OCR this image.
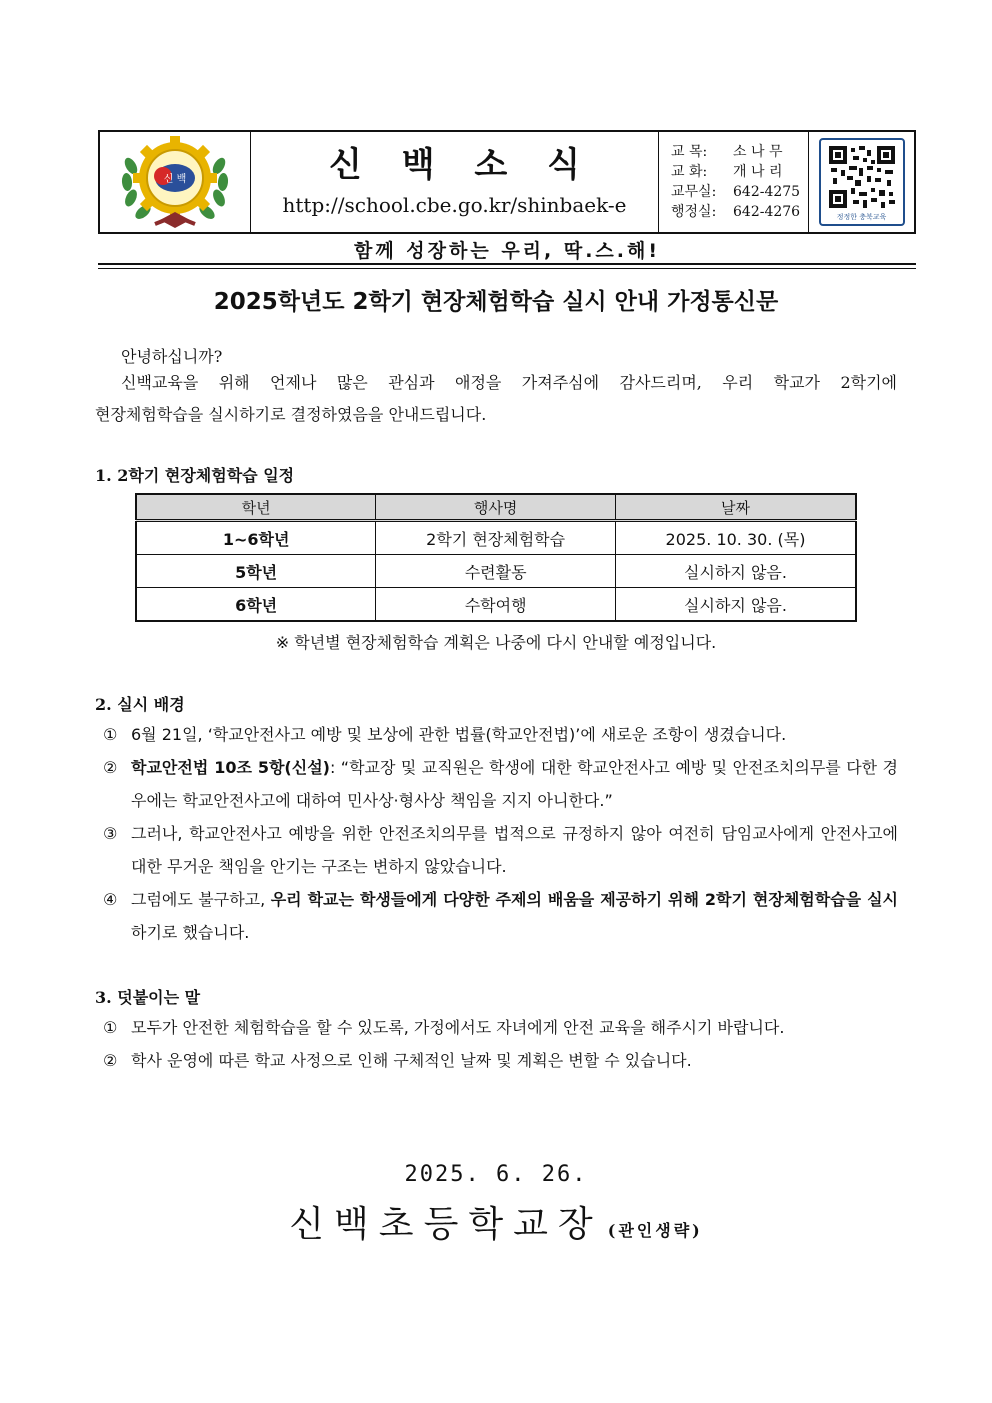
신 백	신 백 소 식
http://school.cbe.go.kr/shinbaek-e
교 목:	소 나 무
교 화:	개 나 리
교무실:	642-4275
행정실:	642-4276	정정한 충북교육
함께 성장하는 우리, 딱.스.해!
2025학년도 2학기 현장체험학습 실시 안내 가정통신문
안녕하십니까?
신백교육을 위해 언제나 많은 관심과 애정을 가져주심에 감사드리며, 우리 학교가 2학기에
현장체험학습을 실시하기로 결정하였음을 안내드립니다.
1. 2학기 현장체험학습 일정
학년	행사명	날짜
1~6학년	2학기 현장체험학습	2025. 10. 30. (목)
5학년	수련활동	실시하지 않음.
6학년	수학여행	실시하지 않음.
※ 학년별 현장체험학습 계획은 나중에 다시 안내할 예정입니다.
2. 실시 배경
① 6월 21일, ‘학교안전사고 예방 및 보상에 관한 법률(학교안전법)’에 새로운 조항이 생겼습니다.
② 학교안전법 10조 5항(신설): “학교장 및 교직원은 학생에 대한 학교안전사고 예방 및 안전조치의무를 다한 경우에는 학교안전사고에 대하여 민사상·형사상 책임을 지지 아니한다.”
③ 그러나, 학교안전사고 예방을 위한 안전조치의무를 법적으로 규정하지 않아 여전히 담임교사에게 안전사고에 대한 무거운 책임을 안기는 구조는 변하지 않았습니다.
④ 그럼에도 불구하고, 우리 학교는 학생들에게 다양한 주제의 배움을 제공하기 위해 2학기 현장체험학습을 실시하기로 했습니다.
3. 덧붙이는 말
① 모두가 안전한 체험학습을 할 수 있도록, 가정에서도 자녀에게 안전 교육을 해주시기 바랍니다.
② 학사 운영에 따른 학교 사정으로 인해 구체적인 날짜 및 계획은 변할 수 있습니다.
2025. 6. 26.
신백초등학교장 (관인생략)
